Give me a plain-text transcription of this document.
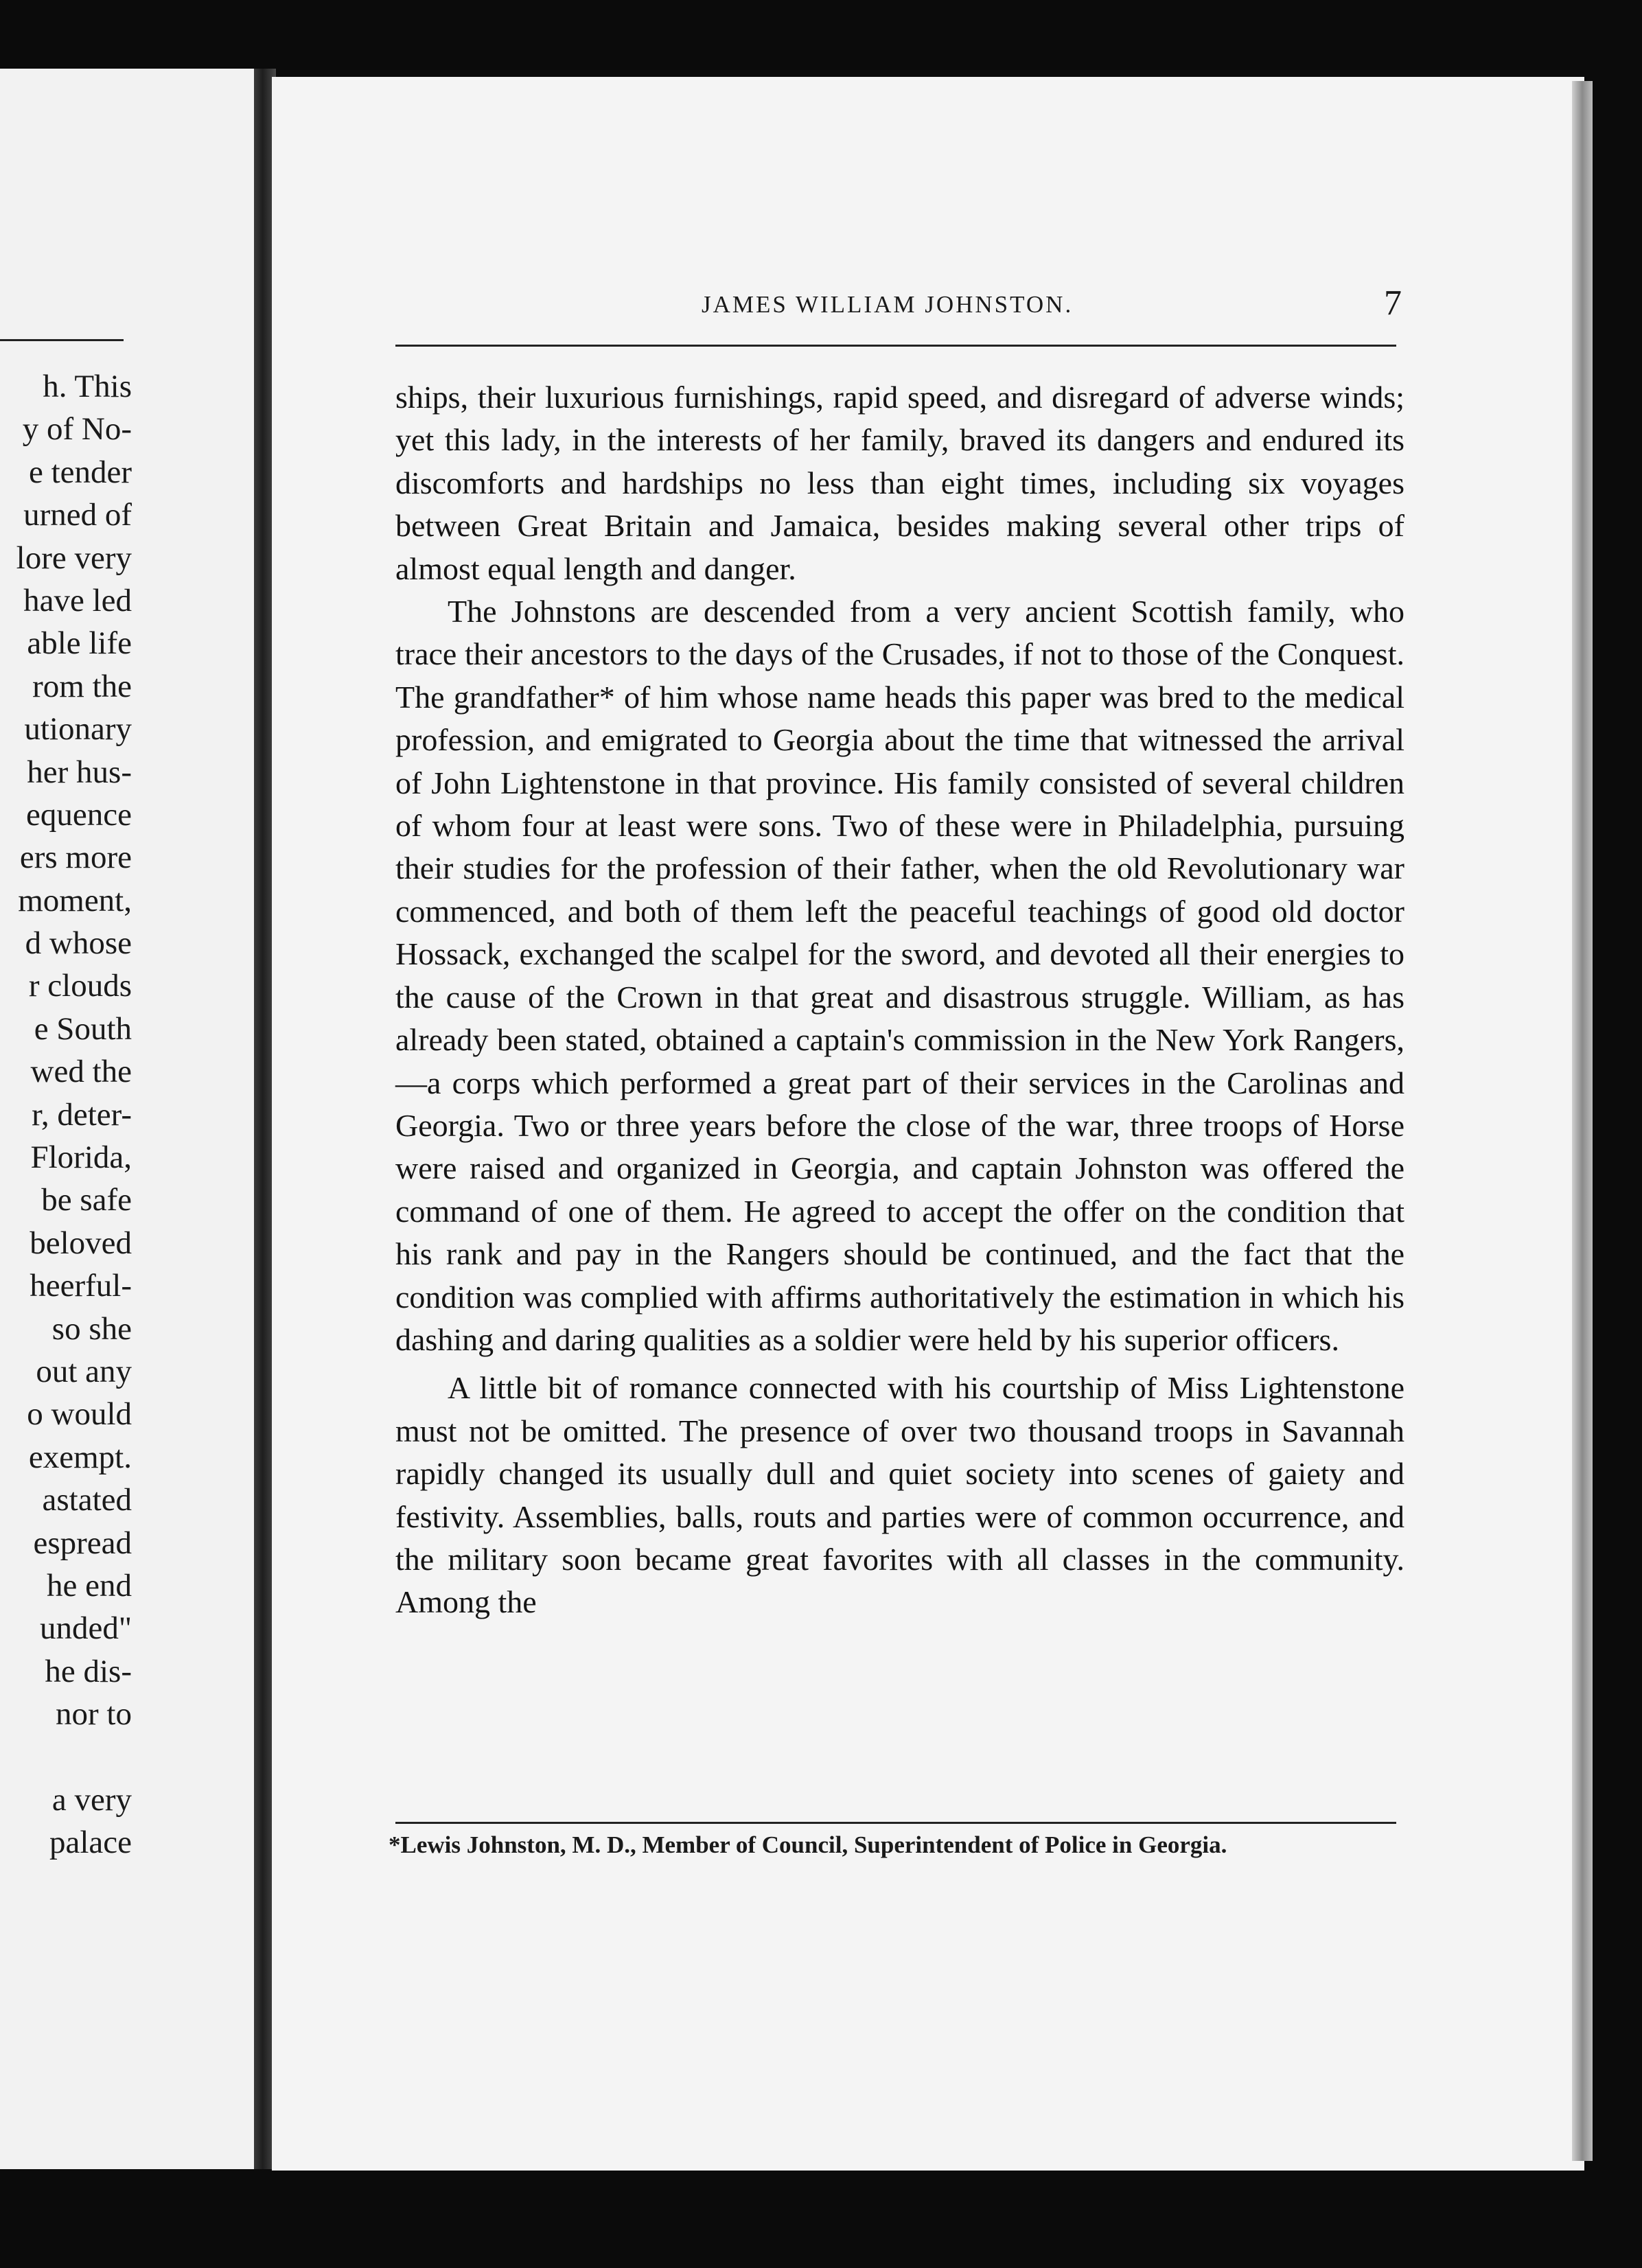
h. This
y of No-
e tender
urned of
lore very
have led
able life
rom the
utionary
her hus-
equence
ers more
moment,
d whose
r clouds
e South
wed the
r, deter-
Florida,
be safe
beloved
heerful-
so she
out any
o would
exempt.
astated
espread
he end
unded"
he dis-
nor to
a very
palace
JAMES WILLIAM JOHNSTON.	7

ships, their luxurious furnishings, rapid speed, and disregard of adverse winds; yet this lady, in the interests of her family, braved its dangers and endured its discomforts and hardships no less than eight times, including six voyages between Great Britain and Jamaica, besides making several other trips of almost equal length and danger.

The Johnstons are descended from a very ancient Scottish family, who trace their ancestors to the days of the Crusades, if not to those of the Conquest. The grandfather* of him whose name heads this paper was bred to the medical profession, and emigrated to Georgia about the time that witnessed the arrival of John Lightenstone in that province. His family consisted of several children of whom four at least were sons. Two of these were in Philadelphia, pursuing their studies for the profession of their father, when the old Revolutionary war commenced, and both of them left the peaceful teachings of good old doctor Hossack, exchanged the scalpel for the sword, and devoted all their energies to the cause of the Crown in that great and disastrous struggle. William, as has already been stated, obtained a captain's commission in the New York Rangers,—a corps which performed a great part of their services in the Carolinas and Georgia. Two or three years before the close of the war, three troops of Horse were raised and organized in Georgia, and captain Johnston was offered the command of one of them. He agreed to accept the offer on the condition that his rank and pay in the Rangers should be continued, and the fact that the condition was complied with affirms authoritatively the estimation in which his dashing and daring qualities as a soldier were held by his superior officers.

A little bit of romance connected with his courtship of Miss Lightenstone must not be omitted. The presence of over two thousand troops in Savannah rapidly changed its usually dull and quiet society into scenes of gaiety and festivity. Assemblies, balls, routs and parties were of common occurrence, and the military soon became great favorites with all classes in the community. Among the

*Lewis Johnston, M. D., Member of Council, Superintendent of Police in Georgia.
